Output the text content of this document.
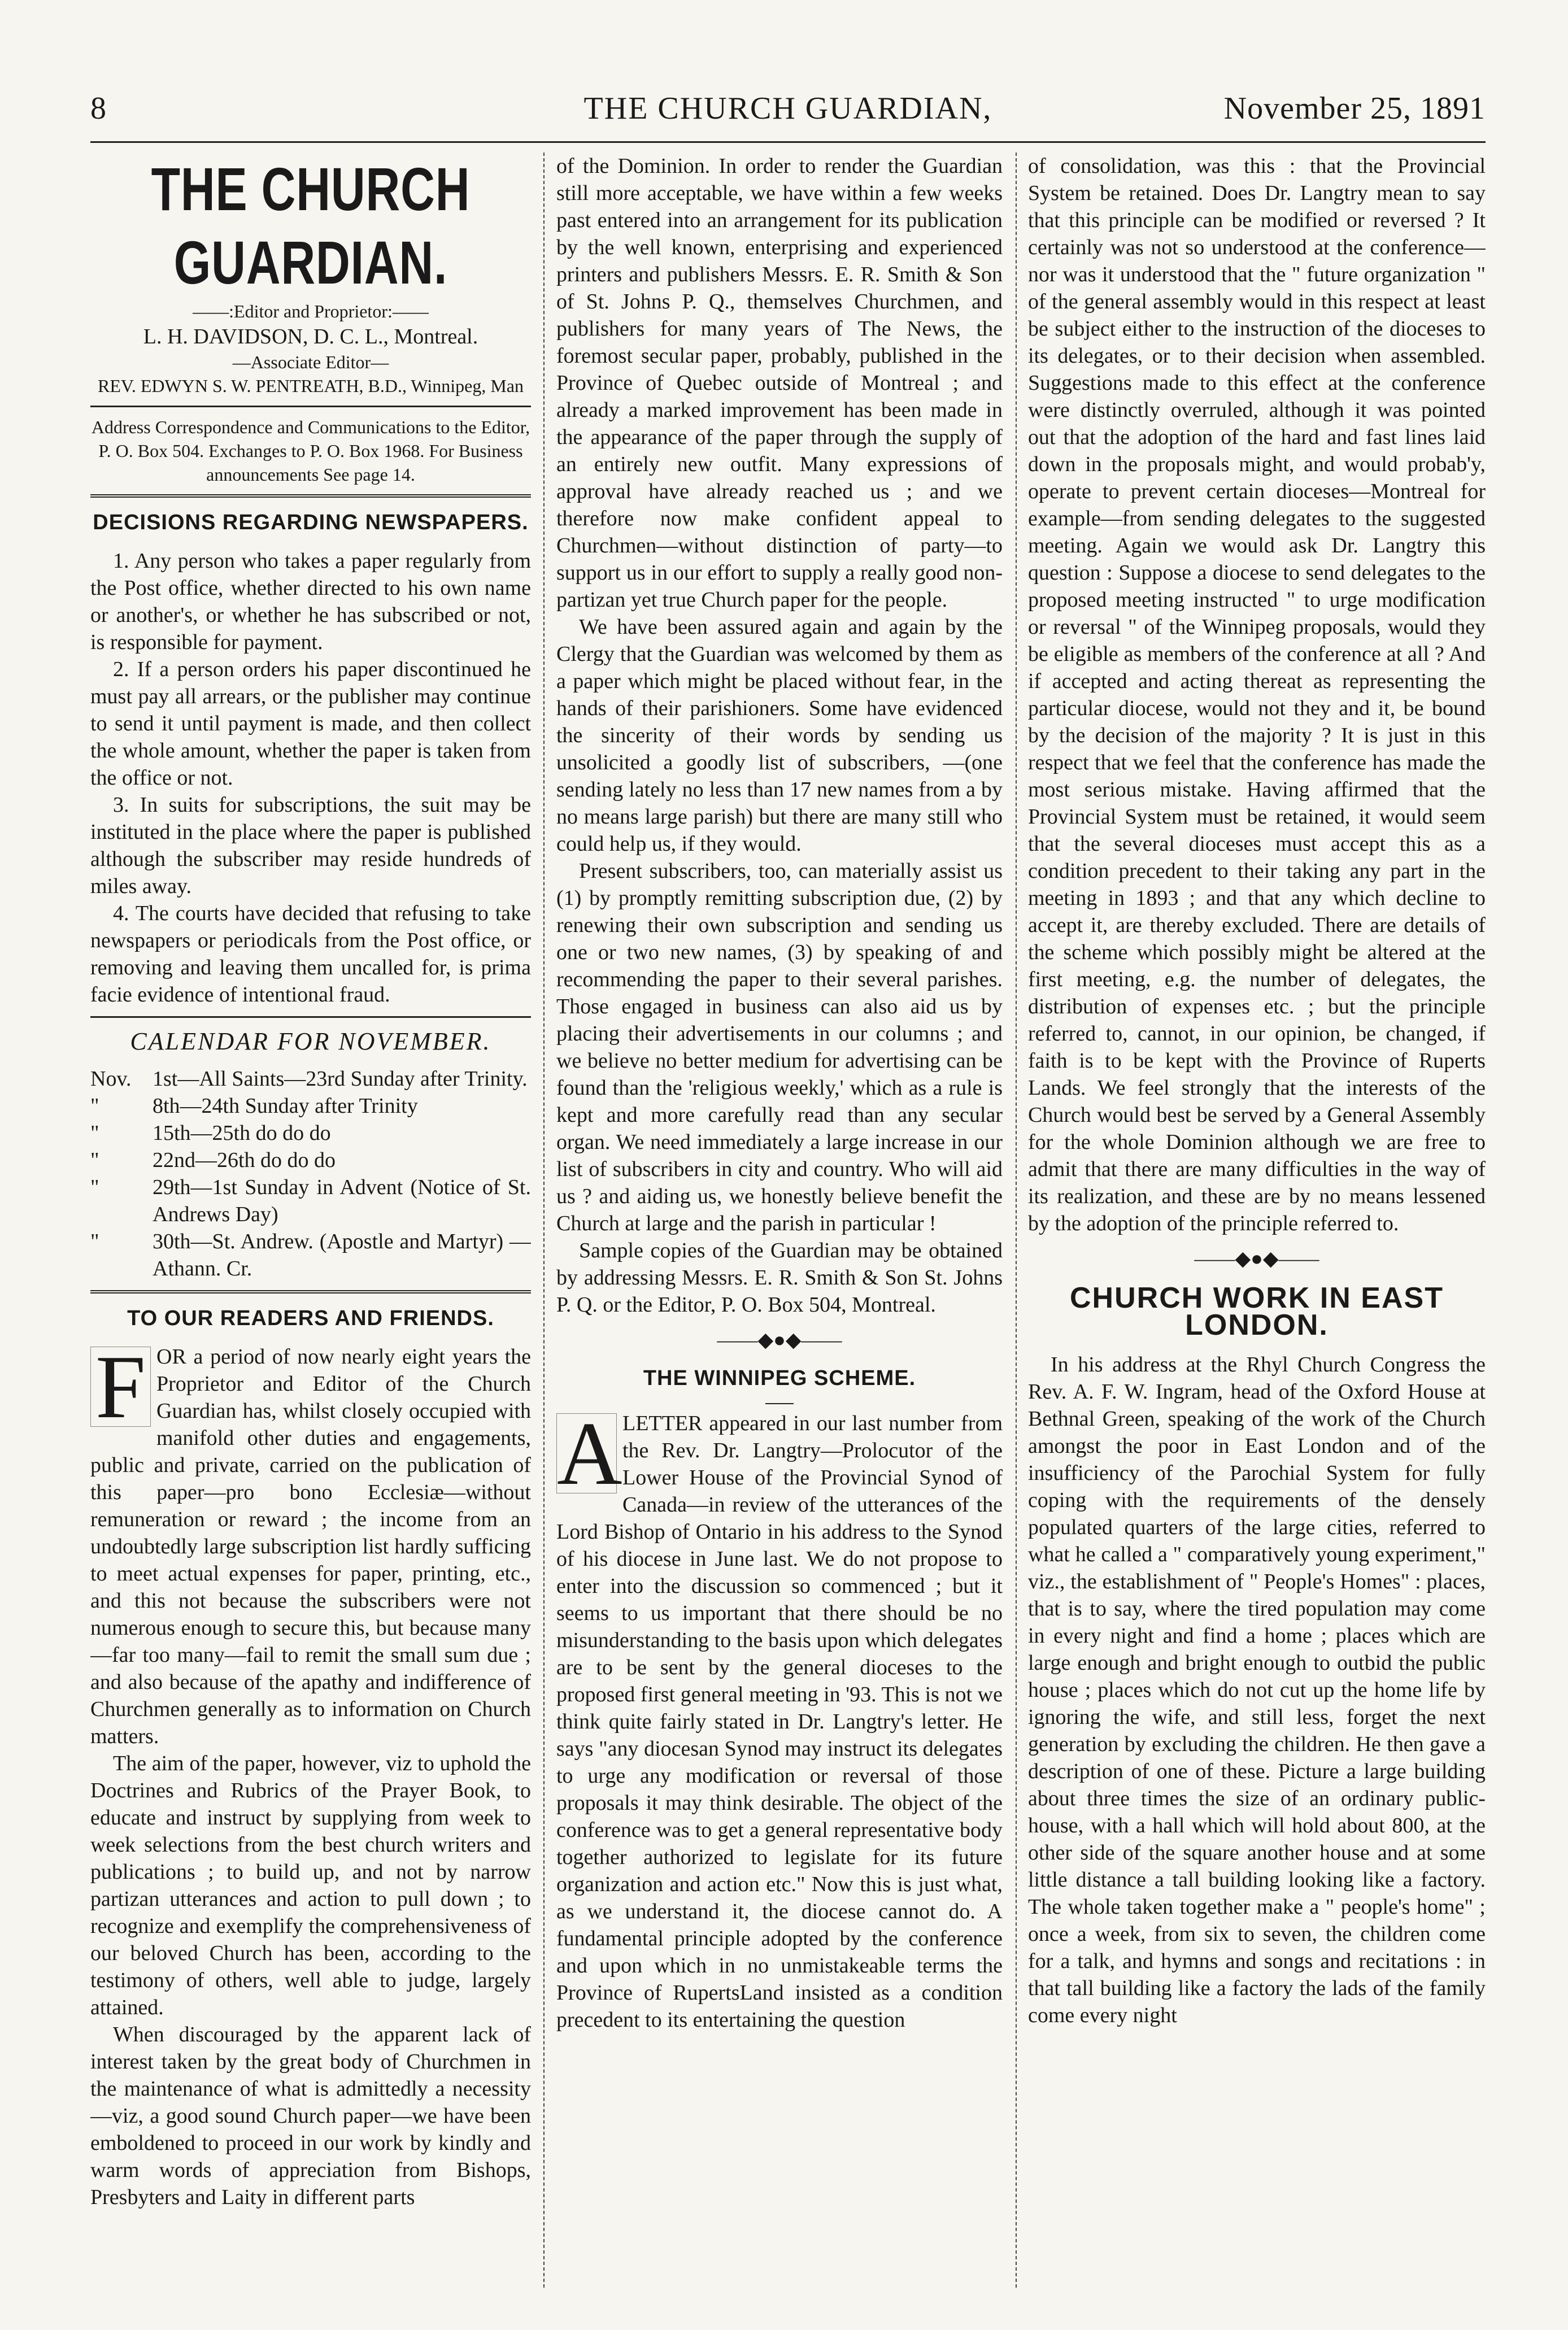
8	THE CHURCH GUARDIAN,	November 25, 1891
THE CHURCH GUARDIAN.

——:Editor and Proprietor:——

L. H. DAVIDSON, D. C. L., Montreal.

—Associate Editor—

REV. EDWYN S. W. PENTREATH, B.D., Winnipeg, Man

Address Correspondence and Communications to the Editor, P. O. Box 504. Exchanges to P. O. Box 1968. For Business announcements See page 14.

DECISIONS REGARDING NEWSPAPERS.

1. Any person who takes a paper regularly from the Post office, whether directed to his own name or another's, or whether he has subscribed or not, is responsible for payment.

2. If a person orders his paper discontinued he must pay all arrears, or the publisher may continue to send it until payment is made, and then collect the whole amount, whether the paper is taken from the office or not.

3. In suits for subscriptions, the suit may be instituted in the place where the paper is published although the subscriber may reside hundreds of miles away.

4. The courts have decided that refusing to take newspapers or periodicals from the Post office, or removing and leaving them uncalled for, is prima facie evidence of intentional fraud.

CALENDAR FOR NOVEMBER.
Nov. 1st—All Saints—23rd Sunday after Trinity.
"	8th—24th Sunday after Trinity
"	15th—25th do do do
"	22nd—26th do do do
"	29th—1st Sunday in Advent (Notice of St. Andrews Day)
"	30th—St. Andrew. (Apostle and Martyr) —Athann. Cr.
TO OUR READERS AND FRIENDS.

F OR a period of now nearly eight years the Proprietor and Editor of the Church Guardian has, whilst closely occupied with manifold other duties and engagements, public and private, carried on the publication of this paper—pro bono Ecclesiæ—without remuneration or reward ; the income from an undoubtedly large subscription list hardly sufficing to meet actual expenses for paper, printing, etc., and this not because the subscribers were not numerous enough to secure this, but because many—far too many—fail to remit the small sum due ; and also because of the apathy and indifference of Churchmen generally as to information on Church matters.

The aim of the paper, however, viz to uphold the Doctrines and Rubrics of the Prayer Book, to educate and instruct by supplying from week to week selections from the best church writers and publications ; to build up, and not by narrow partizan utterances and action to pull down ; to recognize and exemplify the comprehensiveness of our beloved Church has been, according to the testimony of others, well able to judge, largely attained.

When discouraged by the apparent lack of interest taken by the great body of Churchmen in the maintenance of what is admittedly a necessity—viz, a good sound Church paper—we have been emboldened to proceed in our work by kindly and warm words of appreciation from Bishops, Presbyters and Laity in different parts

of the Dominion. In order to render the Guardian still more acceptable, we have within a few weeks past entered into an arrangement for its publication by the well known, enterprising and experienced printers and publishers Messrs. E. R. Smith & Son of St. Johns P. Q., themselves Churchmen, and publishers for many years of The News, the foremost secular paper, probably, published in the Province of Quebec outside of Montreal ; and already a marked improvement has been made in the appearance of the paper through the supply of an entirely new outfit. Many expressions of approval have already reached us ; and we therefore now make confident appeal to Churchmen—without distinction of party—to support us in our effort to supply a really good non-partizan yet true Church paper for the people.

We have been assured again and again by the Clergy that the Guardian was welcomed by them as a paper which might be placed without fear, in the hands of their parishioners. Some have evidenced the sincerity of their words by sending us unsolicited a goodly list of subscribers, —(one sending lately no less than 17 new names from a by no means large parish) but there are many still who could help us, if they would.

Present subscribers, too, can materially assist us (1) by promptly remitting subscription due, (2) by renewing their own subscription and sending us one or two new names, (3) by speaking of and recommending the paper to their several parishes. Those engaged in business can also aid us by placing their advertisements in our columns ; and we believe no better medium for advertising can be found than the 'religious weekly,' which as a rule is kept and more carefully read than any secular organ. We need immediately a large increase in our list of subscribers in city and country. Who will aid us ? and aiding us, we honestly believe benefit the Church at large and the parish in particular !

Sample copies of the Guardian may be obtained by addressing Messrs. E. R. Smith & Son St. Johns P. Q. or the Editor, P. O. Box 504, Montreal.

——◆●◆——
THE WINNIPEG SCHEME.

A LETTER appeared in our last number from the Rev. Dr. Langtry—Prolocutor of the Lower House of the Provincial Synod of Canada—in review of the utterances of the Lord Bishop of Ontario in his address to the Synod of his diocese in June last. We do not propose to enter into the discussion so commenced ; but it seems to us important that there should be no misunderstanding to the basis upon which delegates are to be sent by the general dioceses to the proposed first general meeting in '93. This is not we think quite fairly stated in Dr. Langtry's letter. He says "any diocesan Synod may instruct its delegates to urge any modification or reversal of those proposals it may think desirable. The object of the conference was to get a general representative body together authorized to legislate for its future organization and action etc." Now this is just what, as we understand it, the diocese cannot do. A fundamental principle adopted by the conference and upon which in no unmistakeable terms the Province of RupertsLand insisted as a condition precedent to its entertaining the question

of consolidation, was this : that the Provincial System be retained. Does Dr. Langtry mean to say that this principle can be modified or reversed ? It certainly was not so understood at the conference—nor was it understood that the " future organization " of the general assembly would in this respect at least be subject either to the instruction of the dioceses to its delegates, or to their decision when assembled. Suggestions made to this effect at the conference were distinctly overruled, although it was pointed out that the adoption of the hard and fast lines laid down in the proposals might, and would probab'y, operate to prevent certain dioceses—Montreal for example—from sending delegates to the suggested meeting. Again we would ask Dr. Langtry this question : Suppose a diocese to send delegates to the proposed meeting instructed " to urge modification or reversal " of the Winnipeg proposals, would they be eligible as members of the conference at all ? And if accepted and acting thereat as representing the particular diocese, would not they and it, be bound by the decision of the majority ? It is just in this respect that we feel that the conference has made the most serious mistake. Having affirmed that the Provincial System must be retained, it would seem that the several dioceses must accept this as a condition precedent to their taking any part in the meeting in 1893 ; and that any which decline to accept it, are thereby excluded. There are details of the scheme which possibly might be altered at the first meeting, e.g. the number of delegates, the distribution of expenses etc. ; but the principle referred to, cannot, in our opinion, be changed, if faith is to be kept with the Province of Ruperts Lands. We feel strongly that the interests of the Church would best be served by a General Assembly for the whole Dominion although we are free to admit that there are many difficulties in the way of its realization, and these are by no means lessened by the adoption of the principle referred to.

——◆●◆——
CHURCH WORK IN EAST LONDON.

In his address at the Rhyl Church Congress the Rev. A. F. W. Ingram, head of the Oxford House at Bethnal Green, speaking of the work of the Church amongst the poor in East London and of the insufficiency of the Parochial System for fully coping with the requirements of the densely populated quarters of the large cities, referred to what he called a " comparatively young experiment," viz., the establishment of " People's Homes" : places, that is to say, where the tired population may come in every night and find a home ; places which are large enough and bright enough to outbid the public house ; places which do not cut up the home life by ignoring the wife, and still less, forget the next generation by excluding the children. He then gave a description of one of these. Picture a large building about three times the size of an ordinary public-house, with a hall which will hold about 800, at the other side of the square another house and at some little distance a tall building looking like a factory. The whole taken together make a " people's home" ; once a week, from six to seven, the children come for a talk, and hymns and songs and recitations : in that tall building like a factory the lads of the family come every night
